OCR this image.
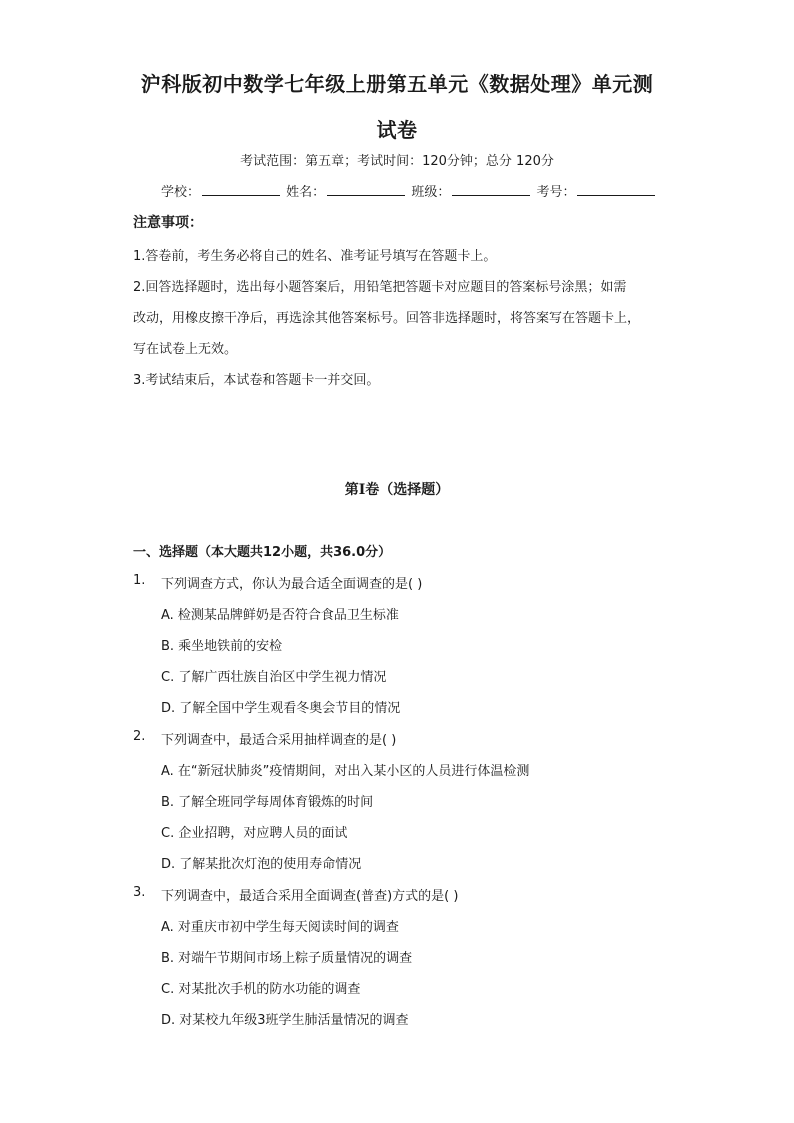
沪科版初中数学七年级上册第五单元《数据处理》单元测
试卷
考试范围：第五章；考试时间：120分钟；总分 120分
学校：	姓名：	班级：	考号：
注意事项：
1.答卷前，考生务必将自己的姓名、准考证号填写在答题卡上。
2.回答选择题时，选出每小题答案后，用铅笔把答题卡对应题目的答案标号涂黑；如需
改动，用橡皮擦干净后，再选涂其他答案标号。回答非选择题时，将答案写在答题卡上，
写在试卷上无效。
3.考试结束后，本试卷和答题卡一并交回。
第Ⅰ卷（选择题）
一、选择题（本大题共12小题，共36.0分）
1. 下列调查方式，你认为最合适全面调查的是( )
A. 检测某品牌鲜奶是否符合食品卫生标准
B. 乘坐地铁前的安检
C. 了解广西壮族自治区中学生视力情况
D. 了解全国中学生观看冬奥会节目的情况
2. 下列调查中，最适合采用抽样调查的是( )
A. 在“新冠状肺炎”疫情期间，对出入某小区的人员进行体温检测
B. 了解全班同学每周体育锻炼的时间
C. 企业招聘，对应聘人员的面试
D. 了解某批次灯泡的使用寿命情况
3. 下列调查中，最适合采用全面调查(普查)方式的是( )
A. 对重庆市初中学生每天阅读时间的调查
B. 对端午节期间市场上粽子质量情况的调查
C. 对某批次手机的防水功能的调查
D. 对某校九年级3班学生肺活量情况的调查
